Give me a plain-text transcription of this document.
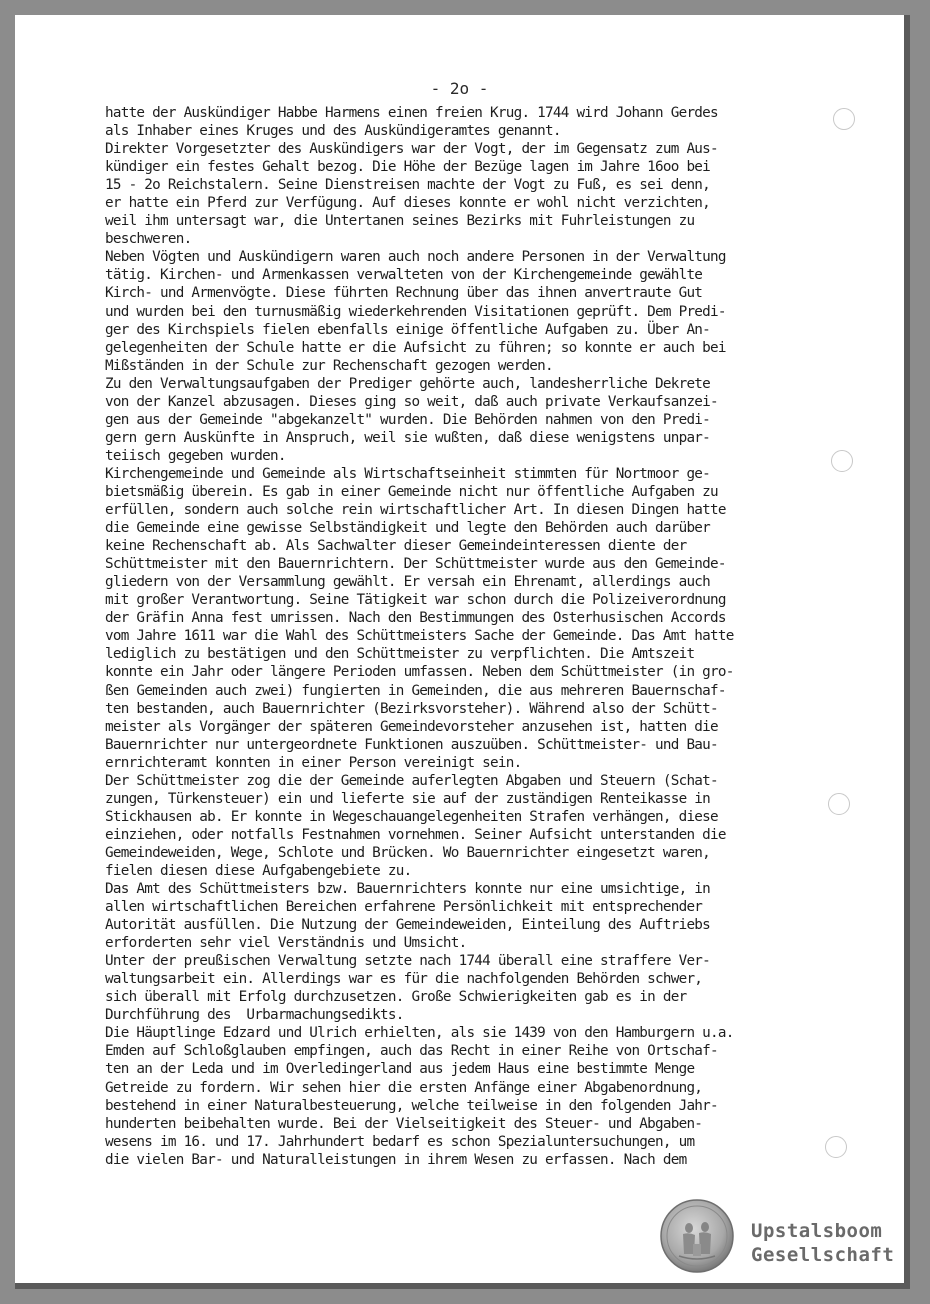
- 2o -

hatte der Auskündiger Habbe Harmens einen freien Krug. 1744 wird Johann Gerdes
als Inhaber eines Kruges und des Auskündigeramtes genannt.
Direkter Vorgesetzter des Auskündigers war der Vogt, der im Gegensatz zum Aus-
kündiger ein festes Gehalt bezog. Die Höhe der Bezüge lagen im Jahre 16oo bei
15 - 2o Reichstalern. Seine Dienstreisen machte der Vogt zu Fuß, es sei denn,
er hatte ein Pferd zur Verfügung. Auf dieses konnte er wohl nicht verzichten,
weil ihm untersagt war, die Untertanen seines Bezirks mit Fuhrleistungen zu
beschweren.
Neben Vögten und Auskündigern waren auch noch andere Personen in der Verwaltung
tätig. Kirchen- und Armenkassen verwalteten von der Kirchengemeinde gewählte
Kirch- und Armenvögte. Diese führten Rechnung über das ihnen anvertraute Gut
und wurden bei den turnusmäßig wiederkehrenden Visitationen geprüft. Dem Predi-
ger des Kirchspiels fielen ebenfalls einige öffentliche Aufgaben zu. Über An-
gelegenheiten der Schule hatte er die Aufsicht zu führen; so konnte er auch bei
Mißständen in der Schule zur Rechenschaft gezogen werden.
Zu den Verwaltungsaufgaben der Prediger gehörte auch, landesherrliche Dekrete
von der Kanzel abzusagen. Dieses ging so weit, daß auch private Verkaufsanzei-
gen aus der Gemeinde "abgekanzelt" wurden. Die Behörden nahmen von den Predi-
gern gern Auskünfte in Anspruch, weil sie wußten, daß diese wenigstens unpar-
teiisch gegeben wurden.
Kirchengemeinde und Gemeinde als Wirtschaftseinheit stimmten für Nortmoor ge-
bietsmäßig überein. Es gab in einer Gemeinde nicht nur öffentliche Aufgaben zu
erfüllen, sondern auch solche rein wirtschaftlicher Art. In diesen Dingen hatte
die Gemeinde eine gewisse Selbständigkeit und legte den Behörden auch darüber
keine Rechenschaft ab. Als Sachwalter dieser Gemeindeinteressen diente der
Schüttmeister mit den Bauernrichtern. Der Schüttmeister wurde aus den Gemeinde-
gliedern von der Versammlung gewählt. Er versah ein Ehrenamt, allerdings auch
mit großer Verantwortung. Seine Tätigkeit war schon durch die Polizeiverordnung
der Gräfin Anna fest umrissen. Nach den Bestimmungen des Osterhusischen Accords
vom Jahre 1611 war die Wahl des Schüttmeisters Sache der Gemeinde. Das Amt hatte
lediglich zu bestätigen und den Schüttmeister zu verpflichten. Die Amtszeit
konnte ein Jahr oder längere Perioden umfassen. Neben dem Schüttmeister (in gro-
ßen Gemeinden auch zwei) fungierten in Gemeinden, die aus mehreren Bauernschaf-
ten bestanden, auch Bauernrichter (Bezirksvorsteher). Während also der Schütt-
meister als Vorgänger der späteren Gemeindevorsteher anzusehen ist, hatten die
Bauernrichter nur untergeordnete Funktionen auszuüben. Schüttmeister- und Bau-
ernrichteramt konnten in einer Person vereinigt sein.
Der Schüttmeister zog die der Gemeinde auferlegten Abgaben und Steuern (Schat-
zungen, Türkensteuer) ein und lieferte sie auf der zuständigen Renteikasse in
Stickhausen ab. Er konnte in Wegeschauangelegenheiten Strafen verhängen, diese
einziehen, oder notfalls Festnahmen vornehmen. Seiner Aufsicht unterstanden die
Gemeindeweiden, Wege, Schlote und Brücken. Wo Bauernrichter eingesetzt waren,
fielen diesen diese Aufgabengebiete zu.
Das Amt des Schüttmeisters bzw. Bauernrichters konnte nur eine umsichtige, in
allen wirtschaftlichen Bereichen erfahrene Persönlichkeit mit entsprechender
Autorität ausfüllen. Die Nutzung der Gemeindeweiden, Einteilung des Auftriebs
erforderten sehr viel Verständnis und Umsicht.
Unter der preußischen Verwaltung setzte nach 1744 überall eine straffere Ver-
waltungsarbeit ein. Allerdings war es für die nachfolgenden Behörden schwer,
sich überall mit Erfolg durchzusetzen. Große Schwierigkeiten gab es in der
Durchführung des  Urbarmachungsedikts.
Die Häuptlinge Edzard und Ulrich erhielten, als sie 1439 von den Hamburgern u.a.
Emden auf Schloßglauben empfingen, auch das Recht in einer Reihe von Ortschaf-
ten an der Leda und im Overledingerland aus jedem Haus eine bestimmte Menge
Getreide zu fordern. Wir sehen hier die ersten Anfänge einer Abgabenordnung,
bestehend in einer Naturalbesteuerung, welche teilweise in den folgenden Jahr-
hunderten beibehalten wurde. Bei der Vielseitigkeit des Steuer- und Abgaben-
wesens im 16. und 17. Jahrhundert bedarf es schon Spezialuntersuchungen, um
die vielen Bar- und Naturalleistungen in ihrem Wesen zu erfassen. Nach dem
Upstalsboom
Gesellschaft
